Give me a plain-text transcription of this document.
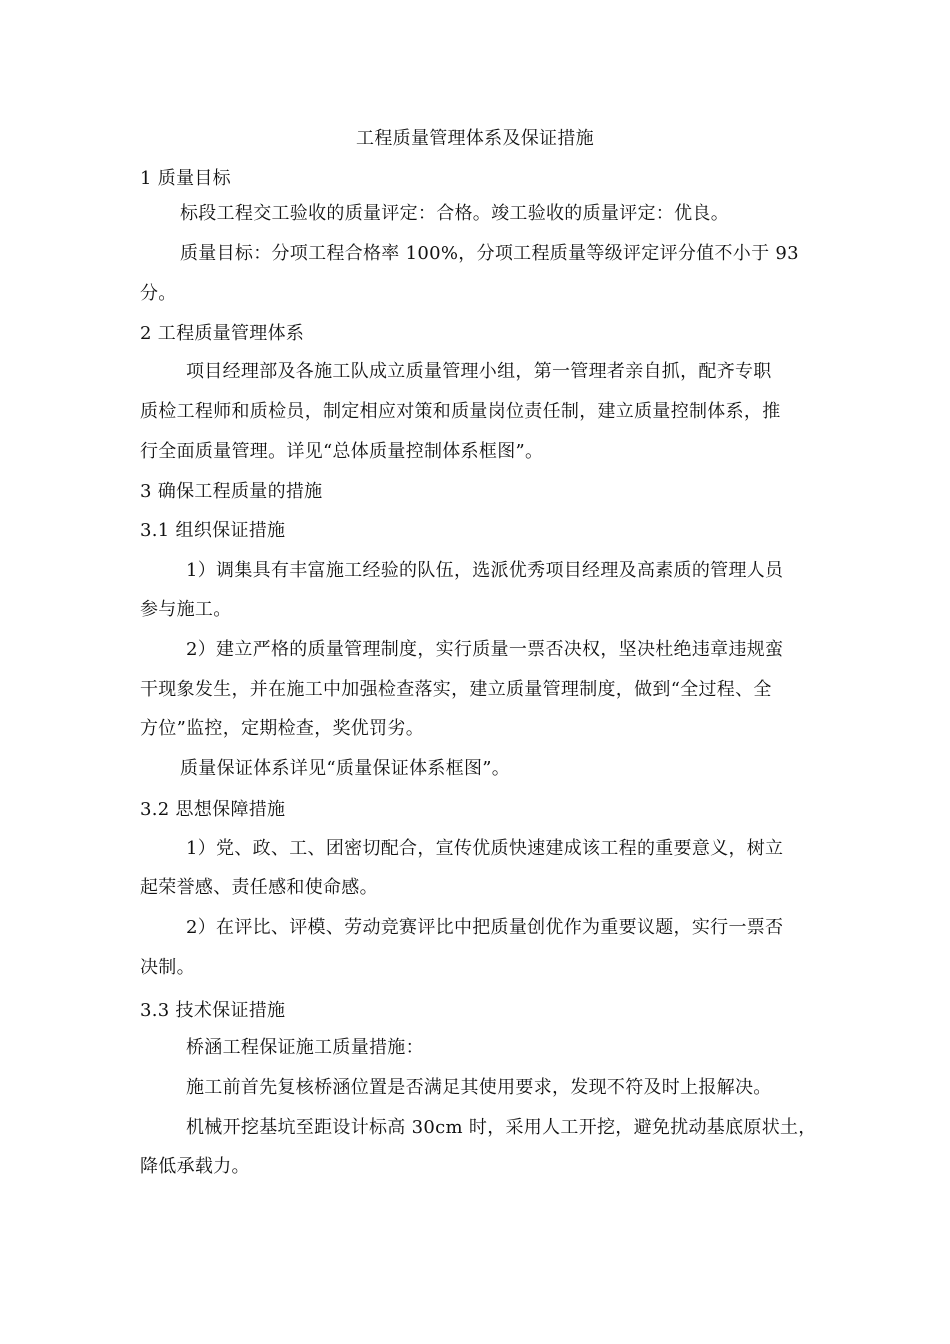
工程质量管理体系及保证措施
1 质量目标
标段工程交工验收的质量评定：合格。竣工验收的质量评定：优良。
质量目标：分项工程合格率 100%，分项工程质量等级评定评分值不小于 93
分。
2 工程质量管理体系
项目经理部及各施工队成立质量管理小组，第一管理者亲自抓，配齐专职
质检工程师和质检员，制定相应对策和质量岗位责任制，建立质量控制体系，推
行全面质量管理。详见“总体质量控制体系框图”。
3 确保工程质量的措施
3.1 组织保证措施
1）调集具有丰富施工经验的队伍，选派优秀项目经理及高素质的管理人员
参与施工。
2）建立严格的质量管理制度，实行质量一票否决权，坚决杜绝违章违规蛮
干现象发生，并在施工中加强检查落实，建立质量管理制度，做到“全过程、全
方位”监控，定期检查，奖优罚劣。
质量保证体系详见“质量保证体系框图”。
3.2 思想保障措施
1）党、政、工、团密切配合，宣传优质快速建成该工程的重要意义，树立
起荣誉感、责任感和使命感。
2）在评比、评模、劳动竞赛评比中把质量创优作为重要议题，实行一票否
决制。
3.3 技术保证措施
桥涵工程保证施工质量措施：
施工前首先复核桥涵位置是否满足其使用要求，发现不符及时上报解决。
机械开挖基坑至距设计标高 30cm 时，采用人工开挖，避免扰动基底原状土，
降低承载力。
